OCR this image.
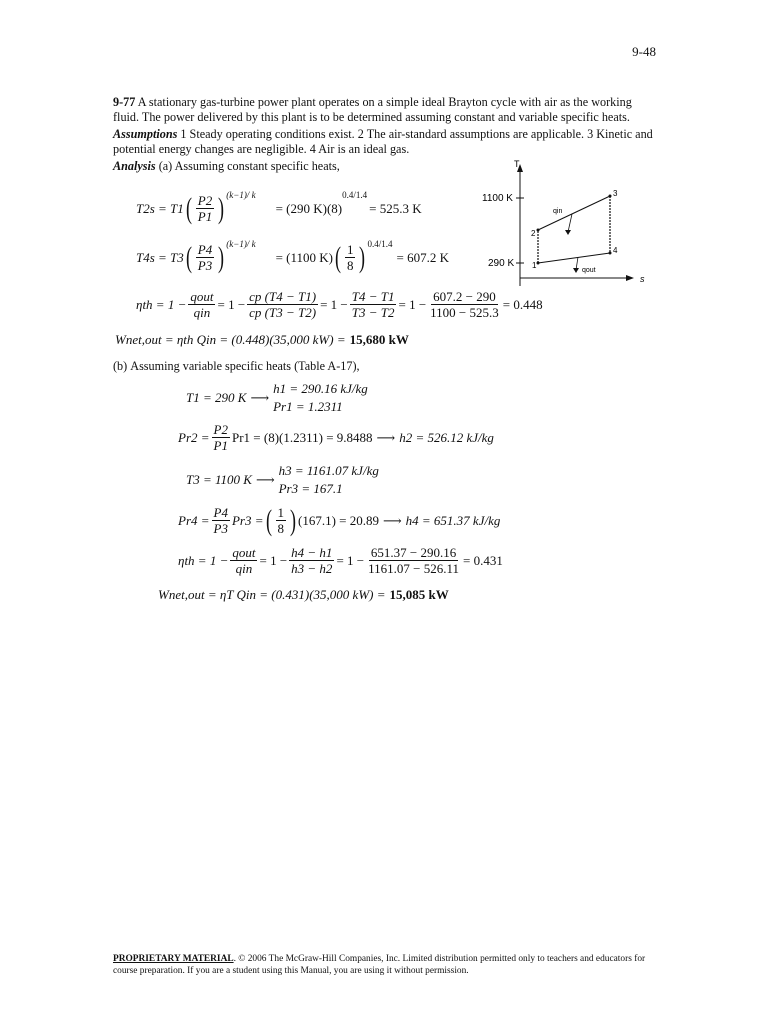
9-48

9-77 A stationary gas-turbine power plant operates on a simple ideal Brayton cycle with air as the working fluid. The power delivered by this plant is to be determined assuming constant and variable specific heats.

Assumptions 1 Steady operating conditions exist. 2 The air-standard assumptions are applicable. 3 Kinetic and potential energy changes are negligible. 4 Air is an ideal gas.

Analysis (a) Assuming constant specific heats,	T
s
1100 K
290 K 1
2
3
4
qin
qout
T2s = T1 ( $\frac{P2}{P1}$ ) (k−1)/ k
= (290 K)(8)
0.4/1.4
= 525.3 K
T4s = T3 ( $\frac{P4}{P3}$ ) (k−1)/ k
= (1100 K) ( $\frac{1}{8}$ ) 0.4/1.4
= 607.2 K
$\eta th = 1 - \frac{\text{qout}}{\text{qin}} = 1 - \frac{cp (T4 - T1)}{cp (T3 - T2)} = 1 - \frac{T4 - T1}{T3 - T2} = 1 - \frac{607.2 - 290}{1100 - 525.3} = 0.448$
Wnet,out = ηth Qin = (0.448)(35,000 kW) = 15,680 kW
(b)
Assuming variable specific heats (Table A-17),
T1 = 290 K ⟶
h1 = 290.16 kJ/kg
Pr1 = 1.2311
$Pr2 = \frac{P2}{P1} Pr1 = (8)(1.2311) = 9.8488$ ⟶ h2 = 526.12 kJ/kg
T3 = 1100 K ⟶
h3 = 1161.07 kJ/kg
Pr3 = 167.1
$Pr4 = \frac{P4}{P3} Pr3$ = ( $\frac{1}{8}$ ) (167.1) = 20.89 ⟶ h4 = 651.37 kJ/kg
$\eta th = 1 - \frac{\text{qout}}{\text{qin}} = 1 - \frac{h4 - h1}{h3 - h2} = 1 - \frac{651.37 - 290.16}{1161.07 - 526.11} = 0.431$
Wnet,out = ηT Qin = (0.431)(35,000 kW) = 15,085 kW
PROPRIETARY MATERIAL. © 2006 The McGraw-Hill Companies, Inc. Limited distribution permitted only to teachers and educators for course preparation. If you are a student using this Manual, you are using it without permission.
